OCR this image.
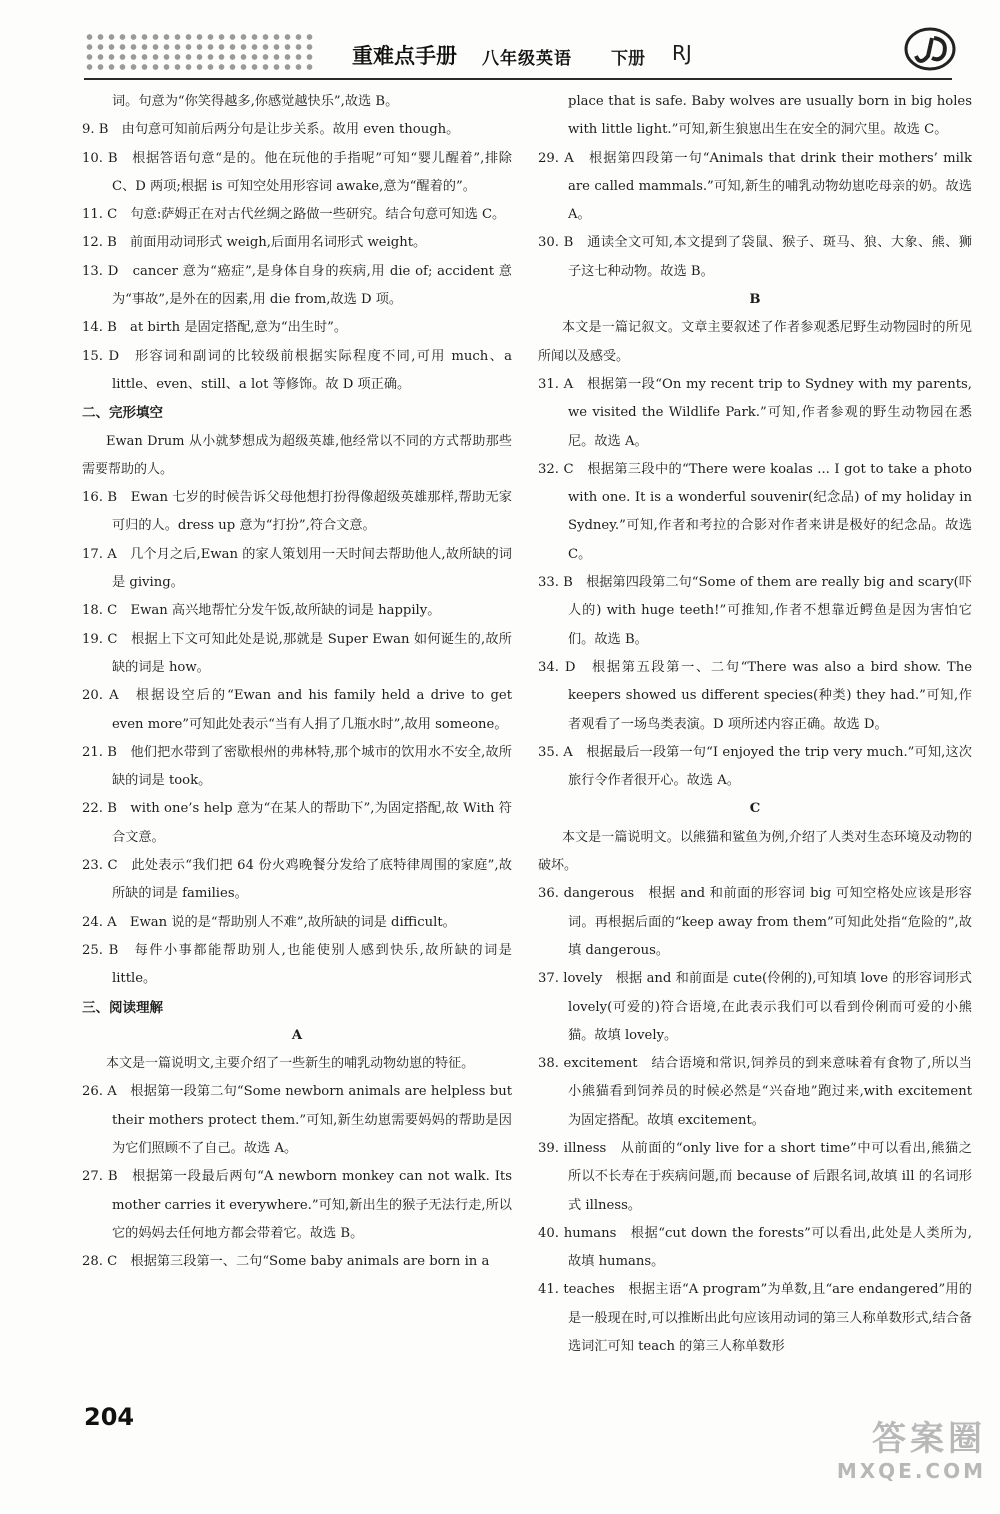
重难点手册 八年级英语 下册 RJ

词。句意为“你笑得越多,你感觉越快乐”,故选 B。

9. B　由句意可知前后两分句是让步关系。故用 even though。

10. B　根据答语句意“是的。他在玩他的手指呢”可知“婴儿醒着”,排除 C、D 两项;根据 is 可知空处用形容词 awake,意为“醒着的”。

11. C　句意:萨姆正在对古代丝绸之路做一些研究。结合句意可知选 C。

12. B　前面用动词形式 weigh,后面用名词形式 weight。

13. D　cancer 意为“癌症”,是身体自身的疾病,用 die of; accident 意为“事故”,是外在的因素,用 die from,故选 D 项。

14. B　at birth 是固定搭配,意为“出生时”。

15. D　形容词和副词的比较级前根据实际程度不同,可用 much、a little、even、still、a lot 等修饰。故 D 项正确。

二、完形填空

Ewan Drum 从小就梦想成为超级英雄,他经常以不同的方式帮助那些需要帮助的人。

16. B　Ewan 七岁的时候告诉父母他想打扮得像超级英雄那样,帮助无家可归的人。dress up 意为“打扮”,符合文意。

17. A　几个月之后,Ewan 的家人策划用一天时间去帮助他人,故所缺的词是 giving。

18. C　Ewan 高兴地帮忙分发午饭,故所缺的词是 happily。

19. C　根据上下文可知此处是说,那就是 Super Ewan 如何诞生的,故所缺的词是 how。

20. A　根据设空后的“Ewan and his family held a drive to get even more”可知此处表示“当有人捐了几瓶水时”,故用 someone。

21. B　他们把水带到了密歇根州的弗林特,那个城市的饮用水不安全,故所缺的词是 took。

22. B　with one’s help 意为“在某人的帮助下”,为固定搭配,故 With 符合文意。

23. C　此处表示“我们把 64 份火鸡晚餐分发给了底特律周围的家庭”,故所缺的词是 families。

24. A　Ewan 说的是“帮助别人不难”,故所缺的词是 difficult。

25. B　每件小事都能帮助别人,也能使别人感到快乐,故所缺的词是 little。

三、阅读理解

A

本文是一篇说明文,主要介绍了一些新生的哺乳动物幼崽的特征。

26. A　根据第一段第二句“Some newborn animals are helpless but their mothers protect them.”可知,新生幼崽需要妈妈的帮助是因为它们照顾不了自己。故选 A。

27. B　根据第一段最后两句“A newborn monkey can not walk. Its mother carries it everywhere.”可知,新出生的猴子无法行走,所以它的妈妈去任何地方都会带着它。故选 B。

28. C　根据第三段第一、二句“Some baby animals are born in a

place that is safe. Baby wolves are usually born in big holes with little light.”可知,新生狼崽出生在安全的洞穴里。故选 C。

29. A　根据第四段第一句“Animals that drink their mothers’ milk are called mammals.”可知,新生的哺乳动物幼崽吃母亲的奶。故选 A。

30. B　通读全文可知,本文提到了袋鼠、猴子、斑马、狼、大象、熊、狮子这七种动物。故选 B。

B

本文是一篇记叙文。文章主要叙述了作者参观悉尼野生动物园时的所见所闻以及感受。

31. A　根据第一段“On my recent trip to Sydney with my parents, we visited the Wildlife Park.”可知,作者参观的野生动物园在悉尼。故选 A。

32. C　根据第三段中的“There were koalas ... I got to take a photo with one. It is a wonderful souvenir(纪念品) of my holiday in Sydney.”可知,作者和考拉的合影对作者来讲是极好的纪念品。故选 C。

33. B　根据第四段第二句“Some of them are really big and scary(吓人的) with huge teeth!”可推知,作者不想靠近鳄鱼是因为害怕它们。故选 B。

34. D　根据第五段第一、二句“There was also a bird show. The keepers showed us different species(种类) they had.”可知,作者观看了一场鸟类表演。D 项所述内容正确。故选 D。

35. A　根据最后一段第一句“I enjoyed the trip very much.”可知,这次旅行令作者很开心。故选 A。

C

本文是一篇说明文。以熊猫和鲨鱼为例,介绍了人类对生态环境及动物的破坏。

36. dangerous　根据 and 和前面的形容词 big 可知空格处应该是形容词。再根据后面的“keep away from them”可知此处指“危险的”,故填 dangerous。

37. lovely　根据 and 和前面是 cute(伶俐的),可知填 love 的形容词形式 lovely(可爱的)符合语境,在此表示我们可以看到伶俐而可爱的小熊猫。故填 lovely。

38. excitement　结合语境和常识,饲养员的到来意味着有食物了,所以当小熊猫看到饲养员的时候必然是“兴奋地”跑过来,with excitement 为固定搭配。故填 excitement。

39. illness　从前面的“only live for a short time”中可以看出,熊猫之所以不长寿在于疾病问题,而 because of 后跟名词,故填 ill 的名词形式 illness。

40. humans　根据“cut down the forests”可以看出,此处是人类所为,故填 humans。

41. teaches　根据主语“A program”为单数,且“are endangered”用的是一般现在时,可以推断出此句应该用动词的第三人称单数形式,结合备选词汇可知 teach 的第三人称单数形

204
答案圈
MXQE.COM
